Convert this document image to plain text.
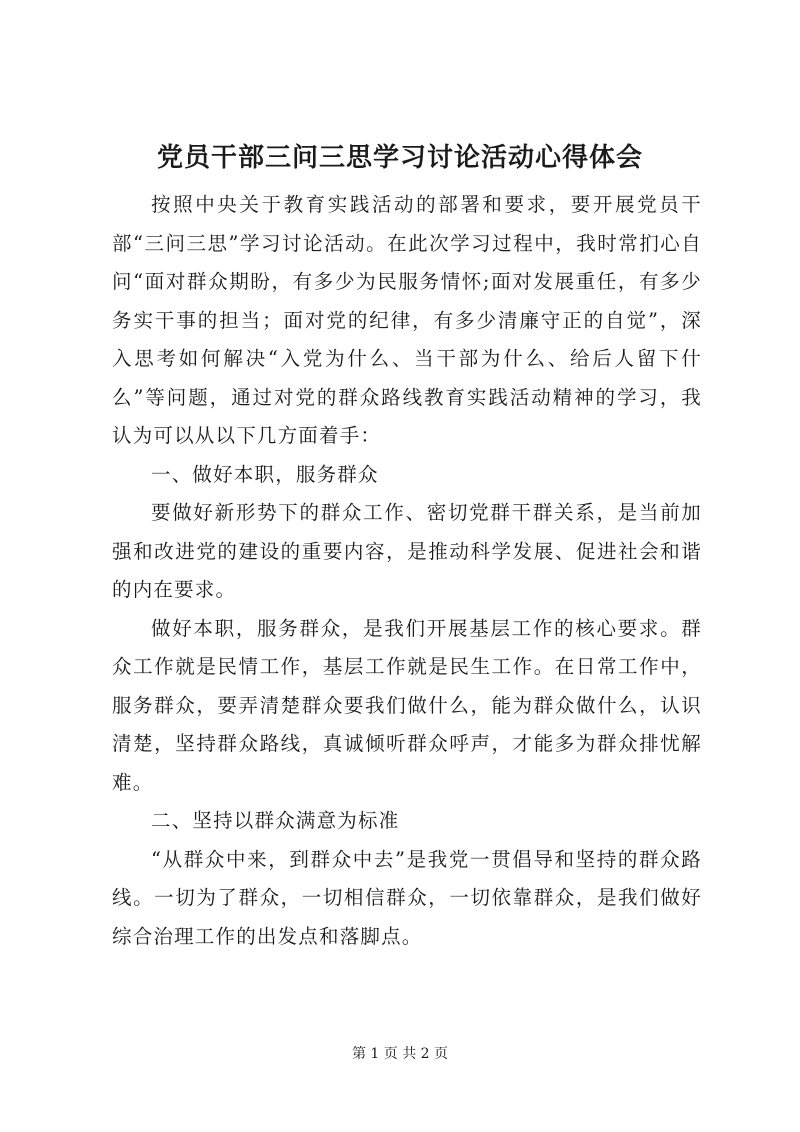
党员干部三问三思学习讨论活动心得体会

按照中央关于教育实践活动的部署和要求，要开展党员干部“三问三思”学习讨论活动。在此次学习过程中，我时常扪心自问“面对群众期盼，有多少为民服务情怀;面对发展重任，有多少务实干事的担当；面对党的纪律，有多少清廉守正的自觉”，深入思考如何解决“入党为什么、当干部为什么、给后人留下什么”等问题，通过对党的群众路线教育实践活动精神的学习，我认为可以从以下几方面着手：

一、做好本职，服务群众

要做好新形势下的群众工作、密切党群干群关系，是当前加强和改进党的建设的重要内容，是推动科学发展、促进社会和谐的内在要求。

做好本职，服务群众，是我们开展基层工作的核心要求。群众工作就是民情工作，基层工作就是民生工作。在日常工作中，服务群众，要弄清楚群众要我们做什么，能为群众做什么，认识清楚，坚持群众路线，真诚倾听群众呼声，才能多为群众排忧解难。

二、坚持以群众满意为标准

“从群众中来，到群众中去”是我党一贯倡导和坚持的群众路线。一切为了群众，一切相信群众，一切依靠群众，是我们做好综合治理工作的出发点和落脚点。

第 1 页 共 2 页
